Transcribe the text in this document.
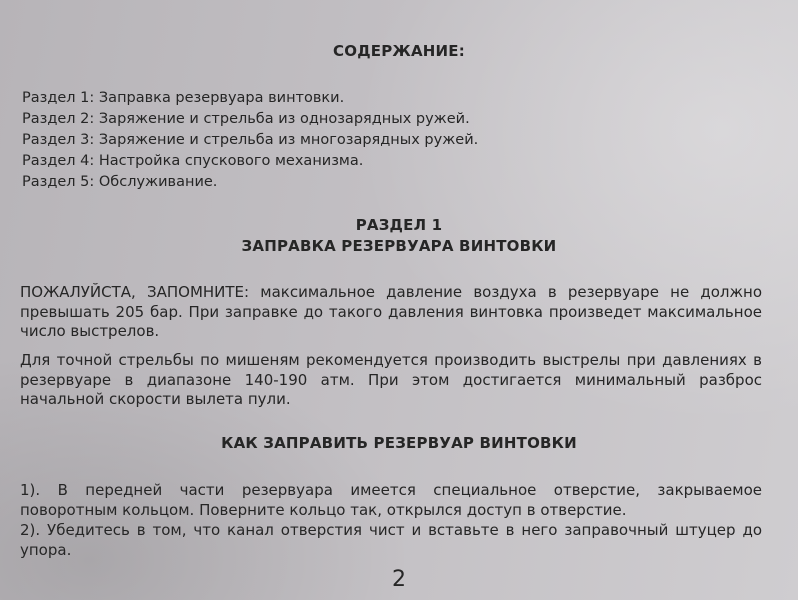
СОДЕРЖАНИЕ:
Раздел 1: Заправка резервуара винтовки.
Раздел 2: Заряжение и стрельба из однозарядных ружей.
Раздел 3: Заряжение и стрельба из многозарядных ружей.
Раздел 4: Настройка спускового механизма.
Раздел 5: Обслуживание.
РАЗДЕЛ 1
ЗАПРАВКА РЕЗЕРВУАРА ВИНТОВКИ

ПОЖАЛУЙСТА, ЗАПОМНИТЕ: максимальное давление воздуха в резервуаре не должно превышать 205 бар. При заправке до такого давления винтовка произведет максимальное число выстрелов.

Для точной стрельбы по мишеням рекомендуется производить выстрелы при давлениях в резервуаре в диапазоне 140-190 атм. При этом достигается минимальный разброс начальной скорости вылета пули.

КАК ЗАПРАВИТЬ РЕЗЕРВУАР ВИНТОВКИ

1). В передней части резервуара имеется специальное отверстие, закрываемое поворотным кольцом. Поверните кольцо так, открылся доступ в отверстие.

2). Убедитесь в том, что канал отверстия чист и вставьте в него заправочный штуцер до упора.

2
